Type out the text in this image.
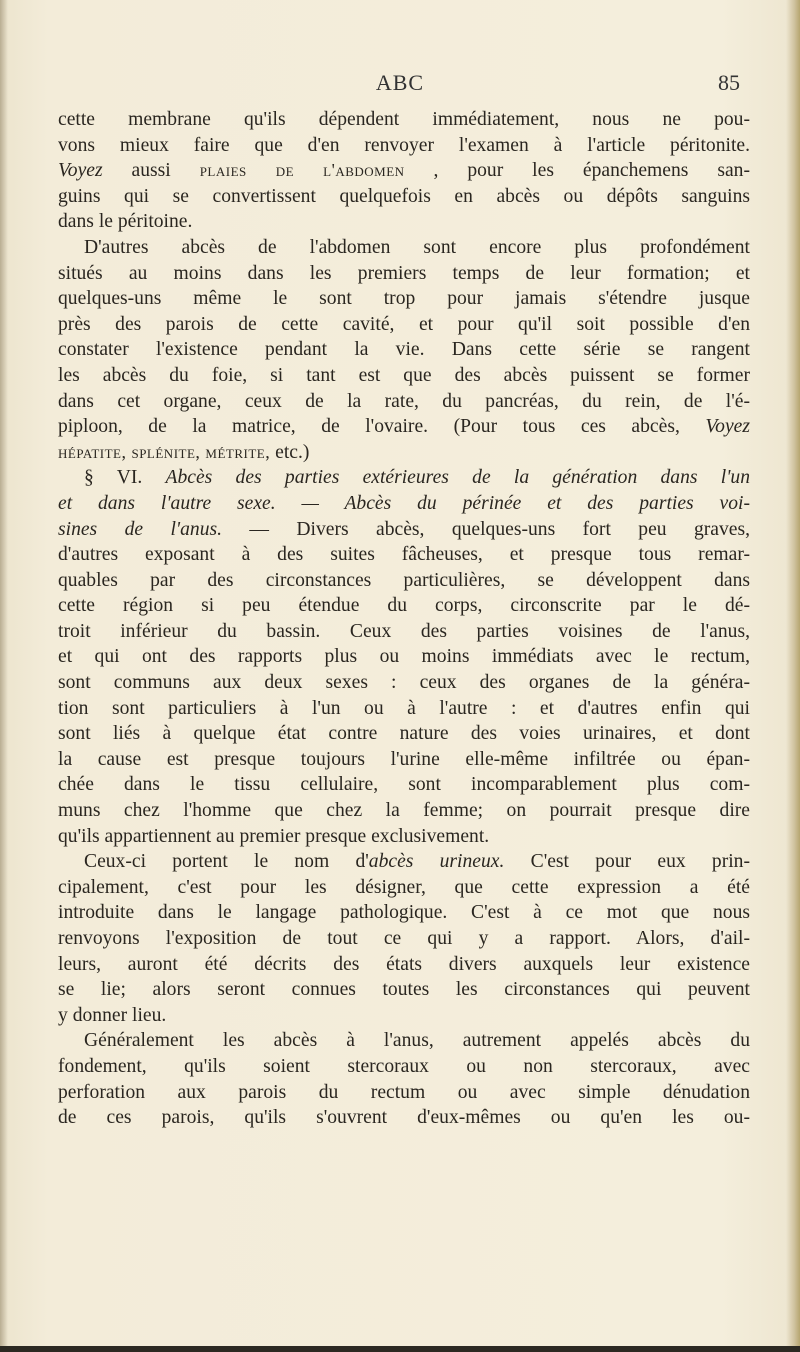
ABC	85
cette membrane qu'ils dépendent immédiatement, nous ne pou-
vons mieux faire que d'en renvoyer l'examen à l'article péritonite.
Voyez aussi plaies de l'abdomen , pour les épanchemens san-
guins qui se convertissent quelquefois en abcès ou dépôts sanguins
dans le péritoine.
D'autres abcès de l'abdomen sont encore plus profondément
situés au moins dans les premiers temps de leur formation; et
quelques-uns même le sont trop pour jamais s'étendre jusque
près des parois de cette cavité, et pour qu'il soit possible d'en
constater l'existence pendant la vie. Dans cette série se rangent
les abcès du foie, si tant est que des abcès puissent se former
dans cet organe, ceux de la rate, du pancréas, du rein, de l'é-
piploon, de la matrice, de l'ovaire. (Pour tous ces abcès, Voyez
hépatite, splénite, métrite, etc.)
§ VI. Abcès des parties extérieures de la génération dans l'un
et dans l'autre sexe. — Abcès du périnée et des parties voi-
sines de l'anus. — Divers abcès, quelques-uns fort peu graves,
d'autres exposant à des suites fâcheuses, et presque tous remar-
quables par des circonstances particulières, se développent dans
cette région si peu étendue du corps, circonscrite par le dé-
troit inférieur du bassin. Ceux des parties voisines de l'anus,
et qui ont des rapports plus ou moins immédiats avec le rectum,
sont communs aux deux sexes : ceux des organes de la généra-
tion sont particuliers à l'un ou à l'autre : et d'autres enfin qui
sont liés à quelque état contre nature des voies urinaires, et dont
la cause est presque toujours l'urine elle-même infiltrée ou épan-
chée dans le tissu cellulaire, sont incomparablement plus com-
muns chez l'homme que chez la femme; on pourrait presque dire
qu'ils appartiennent au premier presque exclusivement.
Ceux-ci portent le nom d'abcès urineux. C'est pour eux prin-
cipalement, c'est pour les désigner, que cette expression a été
introduite dans le langage pathologique. C'est à ce mot que nous
renvoyons l'exposition de tout ce qui y a rapport. Alors, d'ail-
leurs, auront été décrits des états divers auxquels leur existence
se lie; alors seront connues toutes les circonstances qui peuvent
y donner lieu.
Généralement les abcès à l'anus, autrement appelés abcès du
fondement, qu'ils soient stercoraux ou non stercoraux, avec
perforation aux parois du rectum ou avec simple dénudation
de ces parois, qu'ils s'ouvrent d'eux-mêmes ou qu'en les ou-
